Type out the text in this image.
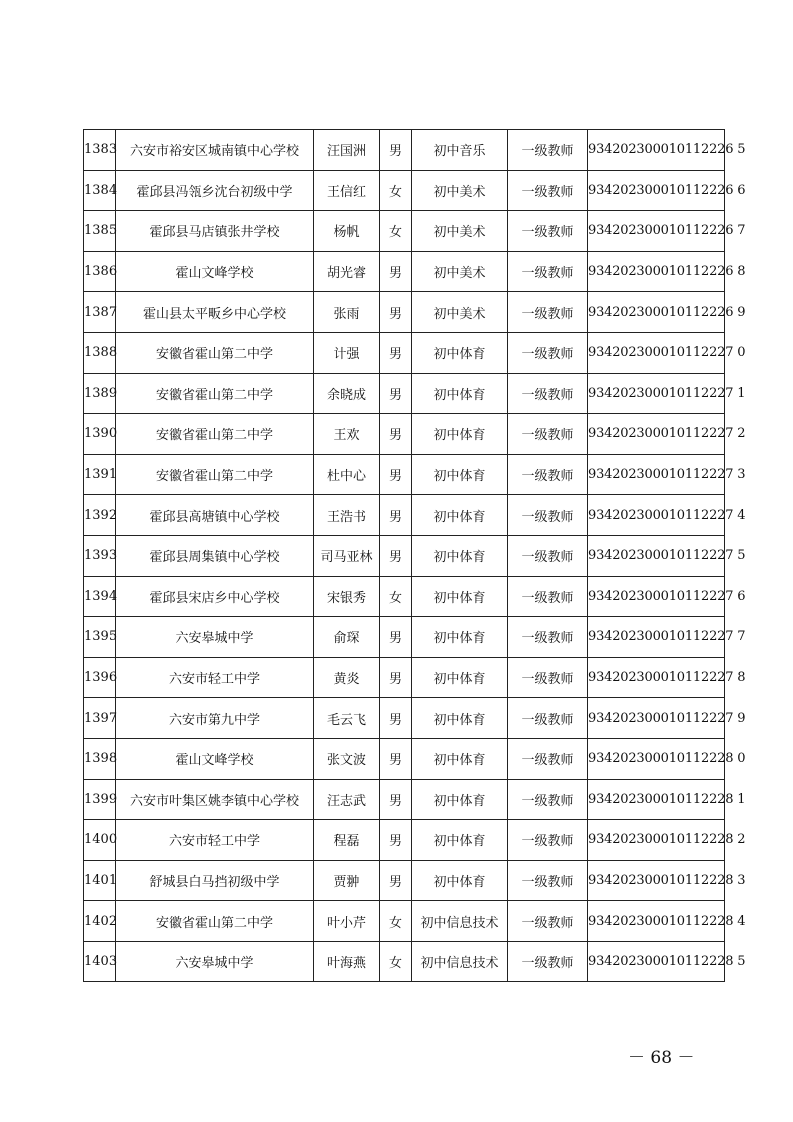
1383	六安市裕安区城南镇中心学校	汪国洲	男	初中音乐	一级教师	934202300010112226 5
1384	霍邱县冯瓴乡沈台初级中学	王信红	女	初中美术	一级教师	934202300010112226 6
1385	霍邱县马店镇张井学校	杨帆	女	初中美术	一级教师	934202300010112226 7
1386	霍山文峰学校	胡光睿	男	初中美术	一级教师	934202300010112226 8
1387	霍山县太平畈乡中心学校	张雨	男	初中美术	一级教师	934202300010112226 9
1388	安徽省霍山第二中学	计强	男	初中体育	一级教师	934202300010112227 0
1389	安徽省霍山第二中学	余晓成	男	初中体育	一级教师	934202300010112227 1
1390	安徽省霍山第二中学	王欢	男	初中体育	一级教师	934202300010112227 2
1391	安徽省霍山第二中学	杜中心	男	初中体育	一级教师	934202300010112227 3
1392	霍邱县高塘镇中心学校	王浩书	男	初中体育	一级教师	934202300010112227 4
1393	霍邱县周集镇中心学校	司马亚林	男	初中体育	一级教师	934202300010112227 5
1394	霍邱县宋店乡中心学校	宋银秀	女	初中体育	一级教师	934202300010112227 6
1395	六安皋城中学	俞琛	男	初中体育	一级教师	934202300010112227 7
1396	六安市轻工中学	黄炎	男	初中体育	一级教师	934202300010112227 8
1397	六安市第九中学	毛云飞	男	初中体育	一级教师	934202300010112227 9
1398	霍山文峰学校	张文波	男	初中体育	一级教师	934202300010112228 0
1399	六安市叶集区姚李镇中心学校	汪志武	男	初中体育	一级教师	934202300010112228 1
1400	六安市轻工中学	程磊	男	初中体育	一级教师	934202300010112228 2
1401	舒城县白马挡初级中学	贾翀	男	初中体育	一级教师	934202300010112228 3
1402	安徽省霍山第二中学	叶小芹	女	初中信息技术	一级教师	934202300010112228 4
1403	六安皋城中学	叶海燕	女	初中信息技术	一级教师	934202300010112228 5
－ 68 －
